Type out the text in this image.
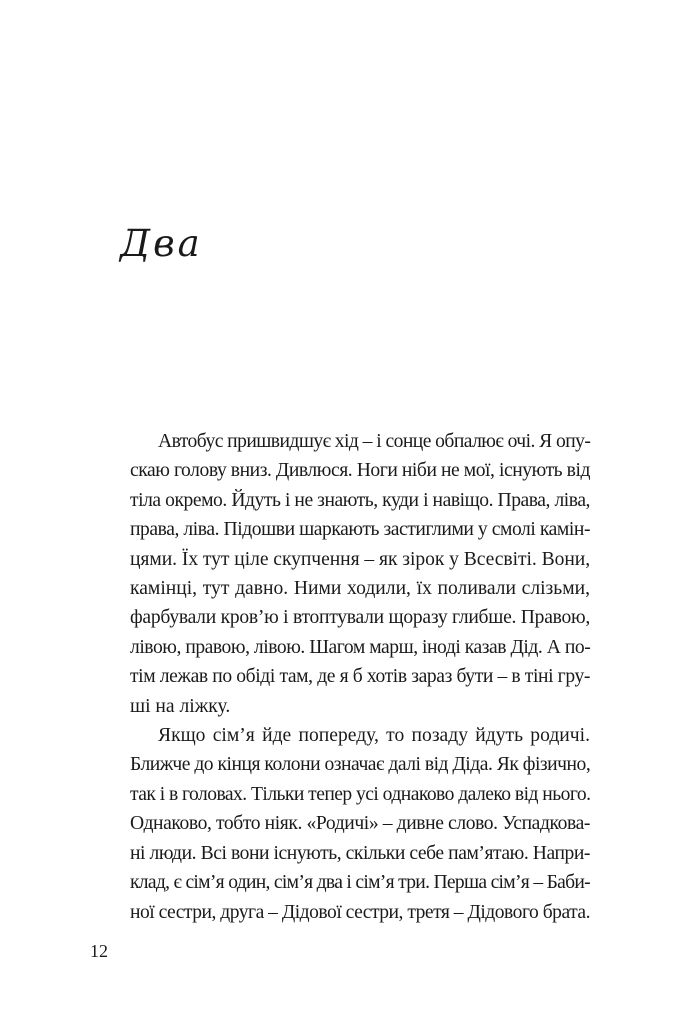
Два
Автобус пришвидшує хід – і сонце обпалює очі. Я опу-
скаю голову вниз. Дивлюся. Ноги ніби не мої, існують від
тіла окремо. Йдуть і не знають, куди і навіщо. Права, ліва,
права, ліва. Підошви шаркають застиглими у смолі камін-
цями. Їх тут ціле скупчення – як зірок у Всесвіті. Вони,
камінці, тут давно. Ними ходили, їх поливали слізьми,
фарбували кров’ю і втоптували щоразу глибше. Правою,
лівою, правою, лівою. Шагом марш, іноді казав Дід. А по-
тім лежав по обіді там, де я б хотів зараз бути – в тіні гру-
ші на ліжку.
Якщо сім’я йде попереду, то позаду йдуть родичі.
Ближче до кінця колони означає далі від Діда. Як фізично,
так і в головах. Тільки тепер усі однаково далеко від нього.
Однаково, тобто ніяк. «Родичі» – дивне слово. Успадкова-
ні люди. Всі вони існують, скільки себе пам’ятаю. Напри-
клад, є сім’я один, сім’я два і сім’я три. Перша сім’я – Баби-
ної сестри, друга – Дідової сестри, третя – Дідового брата.
12
